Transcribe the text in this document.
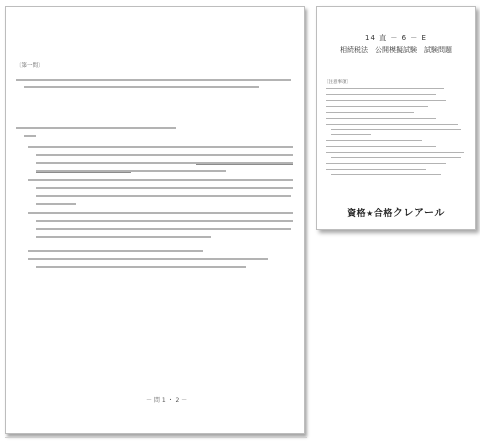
〔第一問〕
－ 問 1 ・ 2 －
14 直 － 6 － E
相続税法　公開模擬試験　試験問題
〔注意事項〕
資格★合格クレアール
